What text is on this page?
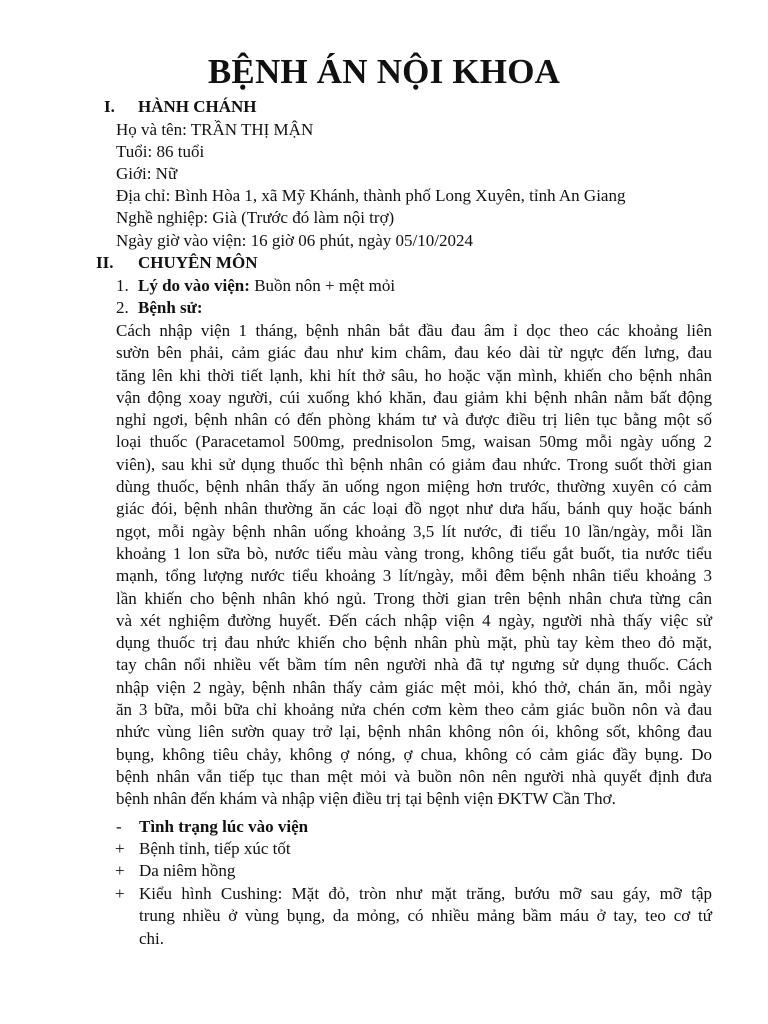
BỆNH ÁN NỘI KHOA
I. HÀNH CHÁNH
Họ và tên: TRẦN THỊ MẬN
Tuổi: 86 tuổi
Giới: Nữ
Địa chỉ: Bình Hòa 1, xã Mỹ Khánh, thành phố Long Xuyên, tỉnh An Giang
Nghề nghiệp: Già (Trước đó làm nội trợ)
Ngày giờ vào viện: 16 giờ 06 phút, ngày 05/10/2024
II. CHUYÊN MÔN
1. Lý do vào viện: Buồn nôn + mệt mỏi
2. Bệnh sử:
Cách nhập viện 1 tháng, bệnh nhân bắt đầu đau âm ỉ dọc theo các khoảng liên
sườn bên phải, cảm giác đau như kim châm, đau kéo dài từ ngực đến lưng, đau
tăng lên khi thời tiết lạnh, khi hít thở sâu, ho hoặc vặn mình, khiến cho bệnh nhân
vận động xoay người, cúi xuống khó khăn, đau giảm khi bệnh nhân nằm bất động
nghỉ ngơi, bệnh nhân có đến phòng khám tư và được điều trị liên tục bằng một số
loại thuốc (Paracetamol 500mg, prednisolon 5mg, waisan 50mg mỗi ngày uống 2
viên), sau khi sử dụng thuốc thì bệnh nhân có giảm đau nhức. Trong suốt thời gian
dùng thuốc, bệnh nhân thấy ăn uống ngon miệng hơn trước, thường xuyên có cảm
giác đói, bệnh nhân thường ăn các loại đồ ngọt như dưa hấu, bánh quy hoặc bánh
ngọt, mỗi ngày bệnh nhân uống khoảng 3,5 lít nước, đi tiểu 10 lần/ngày, mỗi lần
khoảng 1 lon sữa bò, nước tiểu màu vàng trong, không tiểu gắt buốt, tia nước tiểu
mạnh, tổng lượng nước tiểu khoảng 3 lít/ngày, mỗi đêm bệnh nhân tiểu khoảng 3
lần khiến cho bệnh nhân khó ngủ. Trong thời gian trên bệnh nhân chưa từng cân
và xét nghiệm đường huyết. Đến cách nhập viện 4 ngày, người nhà thấy việc sử
dụng thuốc trị đau nhức khiến cho bệnh nhân phù mặt, phù tay kèm theo đỏ mặt,
tay chân nổi nhiều vết bầm tím nên người nhà đã tự ngưng sử dụng thuốc. Cách
nhập viện 2 ngày, bệnh nhân thấy cảm giác mệt mỏi, khó thở, chán ăn, mỗi ngày
ăn 3 bữa, mỗi bữa chỉ khoảng nửa chén cơm kèm theo cảm giác buồn nôn và đau
nhức vùng liên sườn quay trở lại, bệnh nhân không nôn ói, không sốt, không đau
bụng, không tiêu chảy, không ợ nóng, ợ chua, không có cảm giác đầy bụng. Do
bệnh nhân vẫn tiếp tục than mệt mỏi và buồn nôn nên người nhà quyết định đưa
bệnh nhân đến khám và nhập viện điều trị tại bệnh viện ĐKTW Cần Thơ.
- Tình trạng lúc vào viện
+ Bệnh tỉnh, tiếp xúc tốt
+ Da niêm hồng
+ Kiểu hình Cushing: Mặt đỏ, tròn như mặt trăng, bướu mỡ sau gáy, mỡ tập
trung nhiều ở vùng bụng, da mỏng, có nhiều mảng bầm máu ở tay, teo cơ tứ
chi.
